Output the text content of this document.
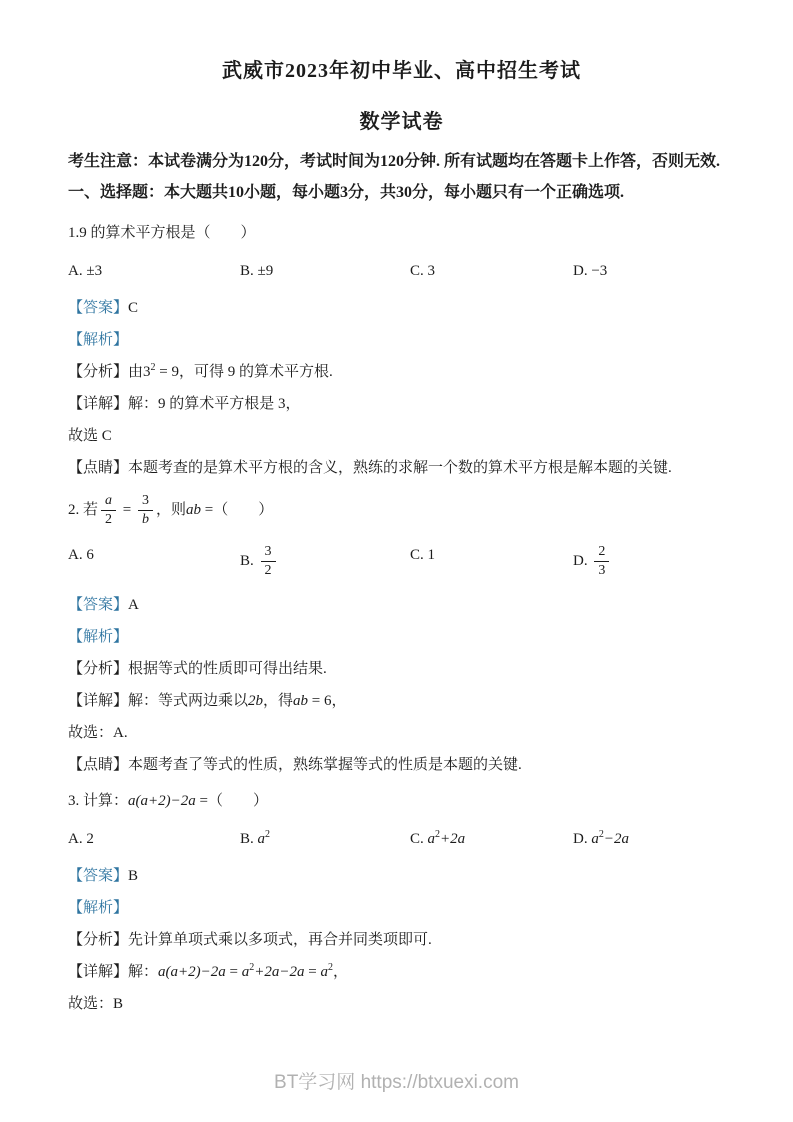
武威市2023年初中毕业、高中招生考试
数学试卷

考生注意：本试卷满分为120分，考试时间为120分钟. 所有试题均在答题卡上作答，否则无效.

一、选择题：本大题共10小题，每小题3分，共30分，每小题只有一个正确选项.

1.9 的算术平方根是（　　）
A. ±3	B. ±9	C. 3	D. −3
【答案】C
【解析】
【分析】由$3^2 = 9$，可得 9 的算术平方根.
【详解】解：9 的算术平方根是 3，
故选 C
【点睛】本题考查的是算术平方根的含义，熟练的求解一个数的算术平方根是解本题的关键.
2. 若 $\frac{a}{2} = \frac{3}{b}$ ，则ab =（　　）
A. 6	B. $\frac{3}{2}$	C. 1	D. $\frac{2}{3}$
【答案】A
【解析】
【分析】根据等式的性质即可得出结果.
【详解】解：等式两边乘以2b，得ab = 6，
故选：A.
【点睛】本题考查了等式的性质，熟练掌握等式的性质是本题的关键.
3. 计算：a(a+2)−2a =（　　）
A. 2	B. $a^2$	C. $a^2+2a$	D. $a^2-2a$
【答案】B
【解析】
【分析】先计算单项式乘以多项式，再合并同类项即可.
【详解】解：$a(a+2)-2a = a^2+2a-2a = a^2$，
故选：B
BT学习网 https://btxuexi.com
